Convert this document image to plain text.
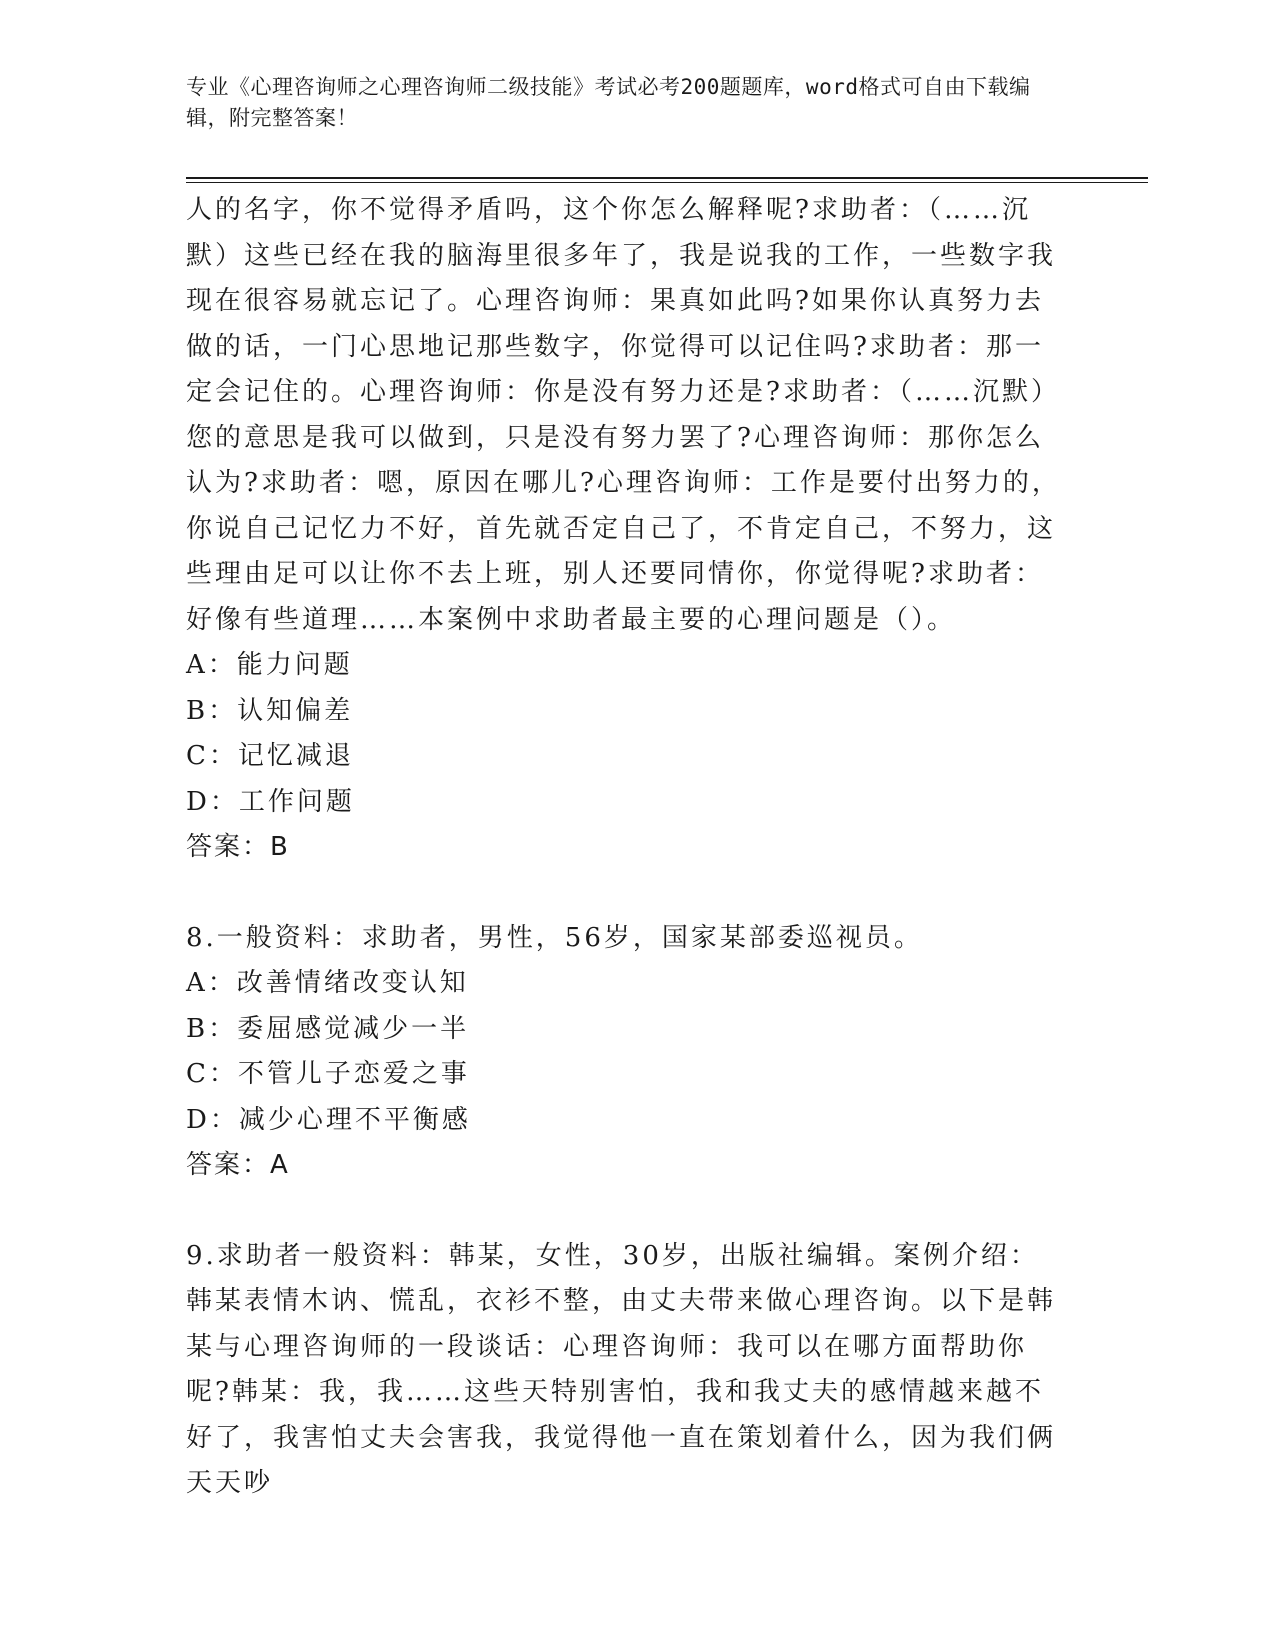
专业《心理咨询师之心理咨询师二级技能》考试必考200题题库，word格式可自由下载编辑，附完整答案！

人的名字，你不觉得矛盾吗，这个你怎么解释呢?求助者：（……沉默）这些已经在我的脑海里很多年了，我是说我的工作，一些数字我现在很容易就忘记了。心理咨询师：果真如此吗?如果你认真努力去做的话，一门心思地记那些数字，你觉得可以记住吗?求助者：那一定会记住的。心理咨询师：你是没有努力还是?求助者：（……沉默）您的意思是我可以做到，只是没有努力罢了?心理咨询师：那你怎么认为?求助者：嗯，原因在哪儿?心理咨询师：工作是要付出努力的，你说自己记忆力不好，首先就否定自己了，不肯定自己，不努力，这些理由足可以让你不去上班，别人还要同情你，你觉得呢?求助者：好像有些道理……本案例中求助者最主要的心理问题是（）。

A：能力问题

B：认知偏差

C：记忆减退

D：工作问题

答案：B

8.一般资料：求助者，男性，56岁，国家某部委巡视员。

A：改善情绪改变认知

B：委屈感觉减少一半

C：不管儿子恋爱之事

D：减少心理不平衡感

答案：A

9.求助者一般资料：韩某，女性，30岁，出版社编辑。案例介绍：韩某表情木讷、慌乱，衣衫不整，由丈夫带来做心理咨询。以下是韩某与心理咨询师的一段谈话：心理咨询师：我可以在哪方面帮助你呢?韩某：我，我……这些天特别害怕，我和我丈夫的感情越来越不好了，我害怕丈夫会害我，我觉得他一直在策划着什么，因为我们俩天天吵
